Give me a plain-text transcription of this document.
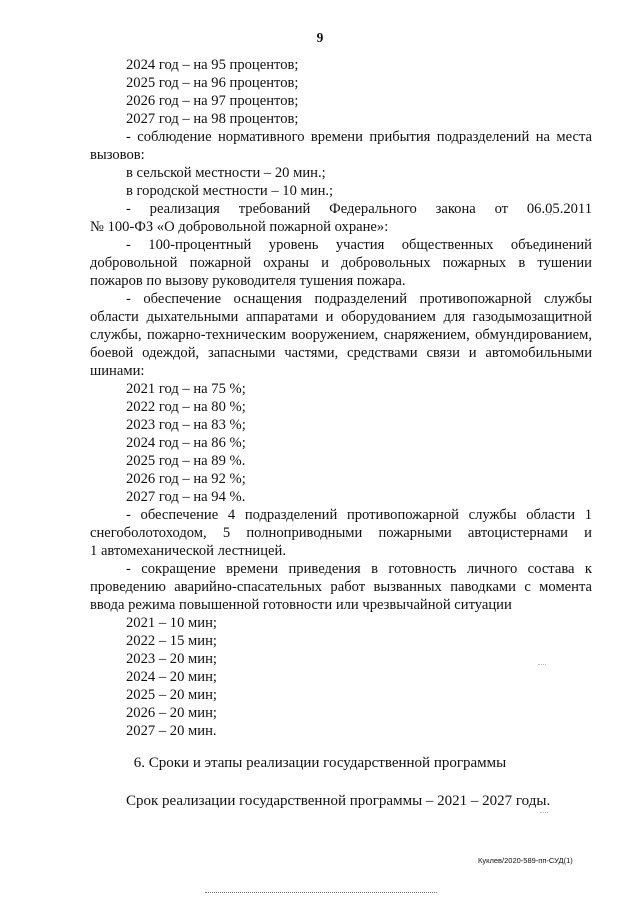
9
2024 год – на 95 процентов;
2025 год – на 96 процентов;
2026 год – на 97 процентов;
2027 год – на 98 процентов;
- соблюдение нормативного времени прибытия подразделений на места
вызовов:
в сельской местности – 20 мин.;
в городской местности – 10 мин.;
- реализация требований Федерального закона от 06.05.2011
№ 100-ФЗ «О добровольной пожарной охране»:
- 100-процентный уровень участия общественных объединений
добровольной пожарной охраны и добровольных пожарных в тушении
пожаров по вызову руководителя тушения пожара.
- обеспечение оснащения подразделений противопожарной службы
области дыхательными аппаратами и оборудованием для газодымозащитной
службы, пожарно-техническим вооружением, снаряжением, обмундированием,
боевой одеждой, запасными частями, средствами связи и автомобильными
шинами:
2021 год – на 75 %;
2022 год – на 80 %;
2023 год – на 83 %;
2024 год – на 86 %;
2025 год – на 89 %.
2026 год – на 92 %;
2027 год – на 94 %.
- обеспечение 4 подразделений противопожарной службы области 1
снегоболотоходом, 5 полноприводными пожарными автоцистернами и
1 автомеханической лестницей.
- сокращение времени приведения в готовность личного состава к
проведению аварийно-спасательных работ вызванных паводками с момента
ввода режима повышенной готовности или чрезвычайной ситуации
2021 – 10 мин;
2022 – 15 мин;
2023 – 20 мин;
2024 – 20 мин;
2025 – 20 мин;
2026 – 20 мин;
2027 – 20 мин.
6. Сроки и этапы реализации государственной программы
Срок реализации государственной программы – 2021 – 2027 годы.
Куклев/2020-589-пп-СУД(1)
